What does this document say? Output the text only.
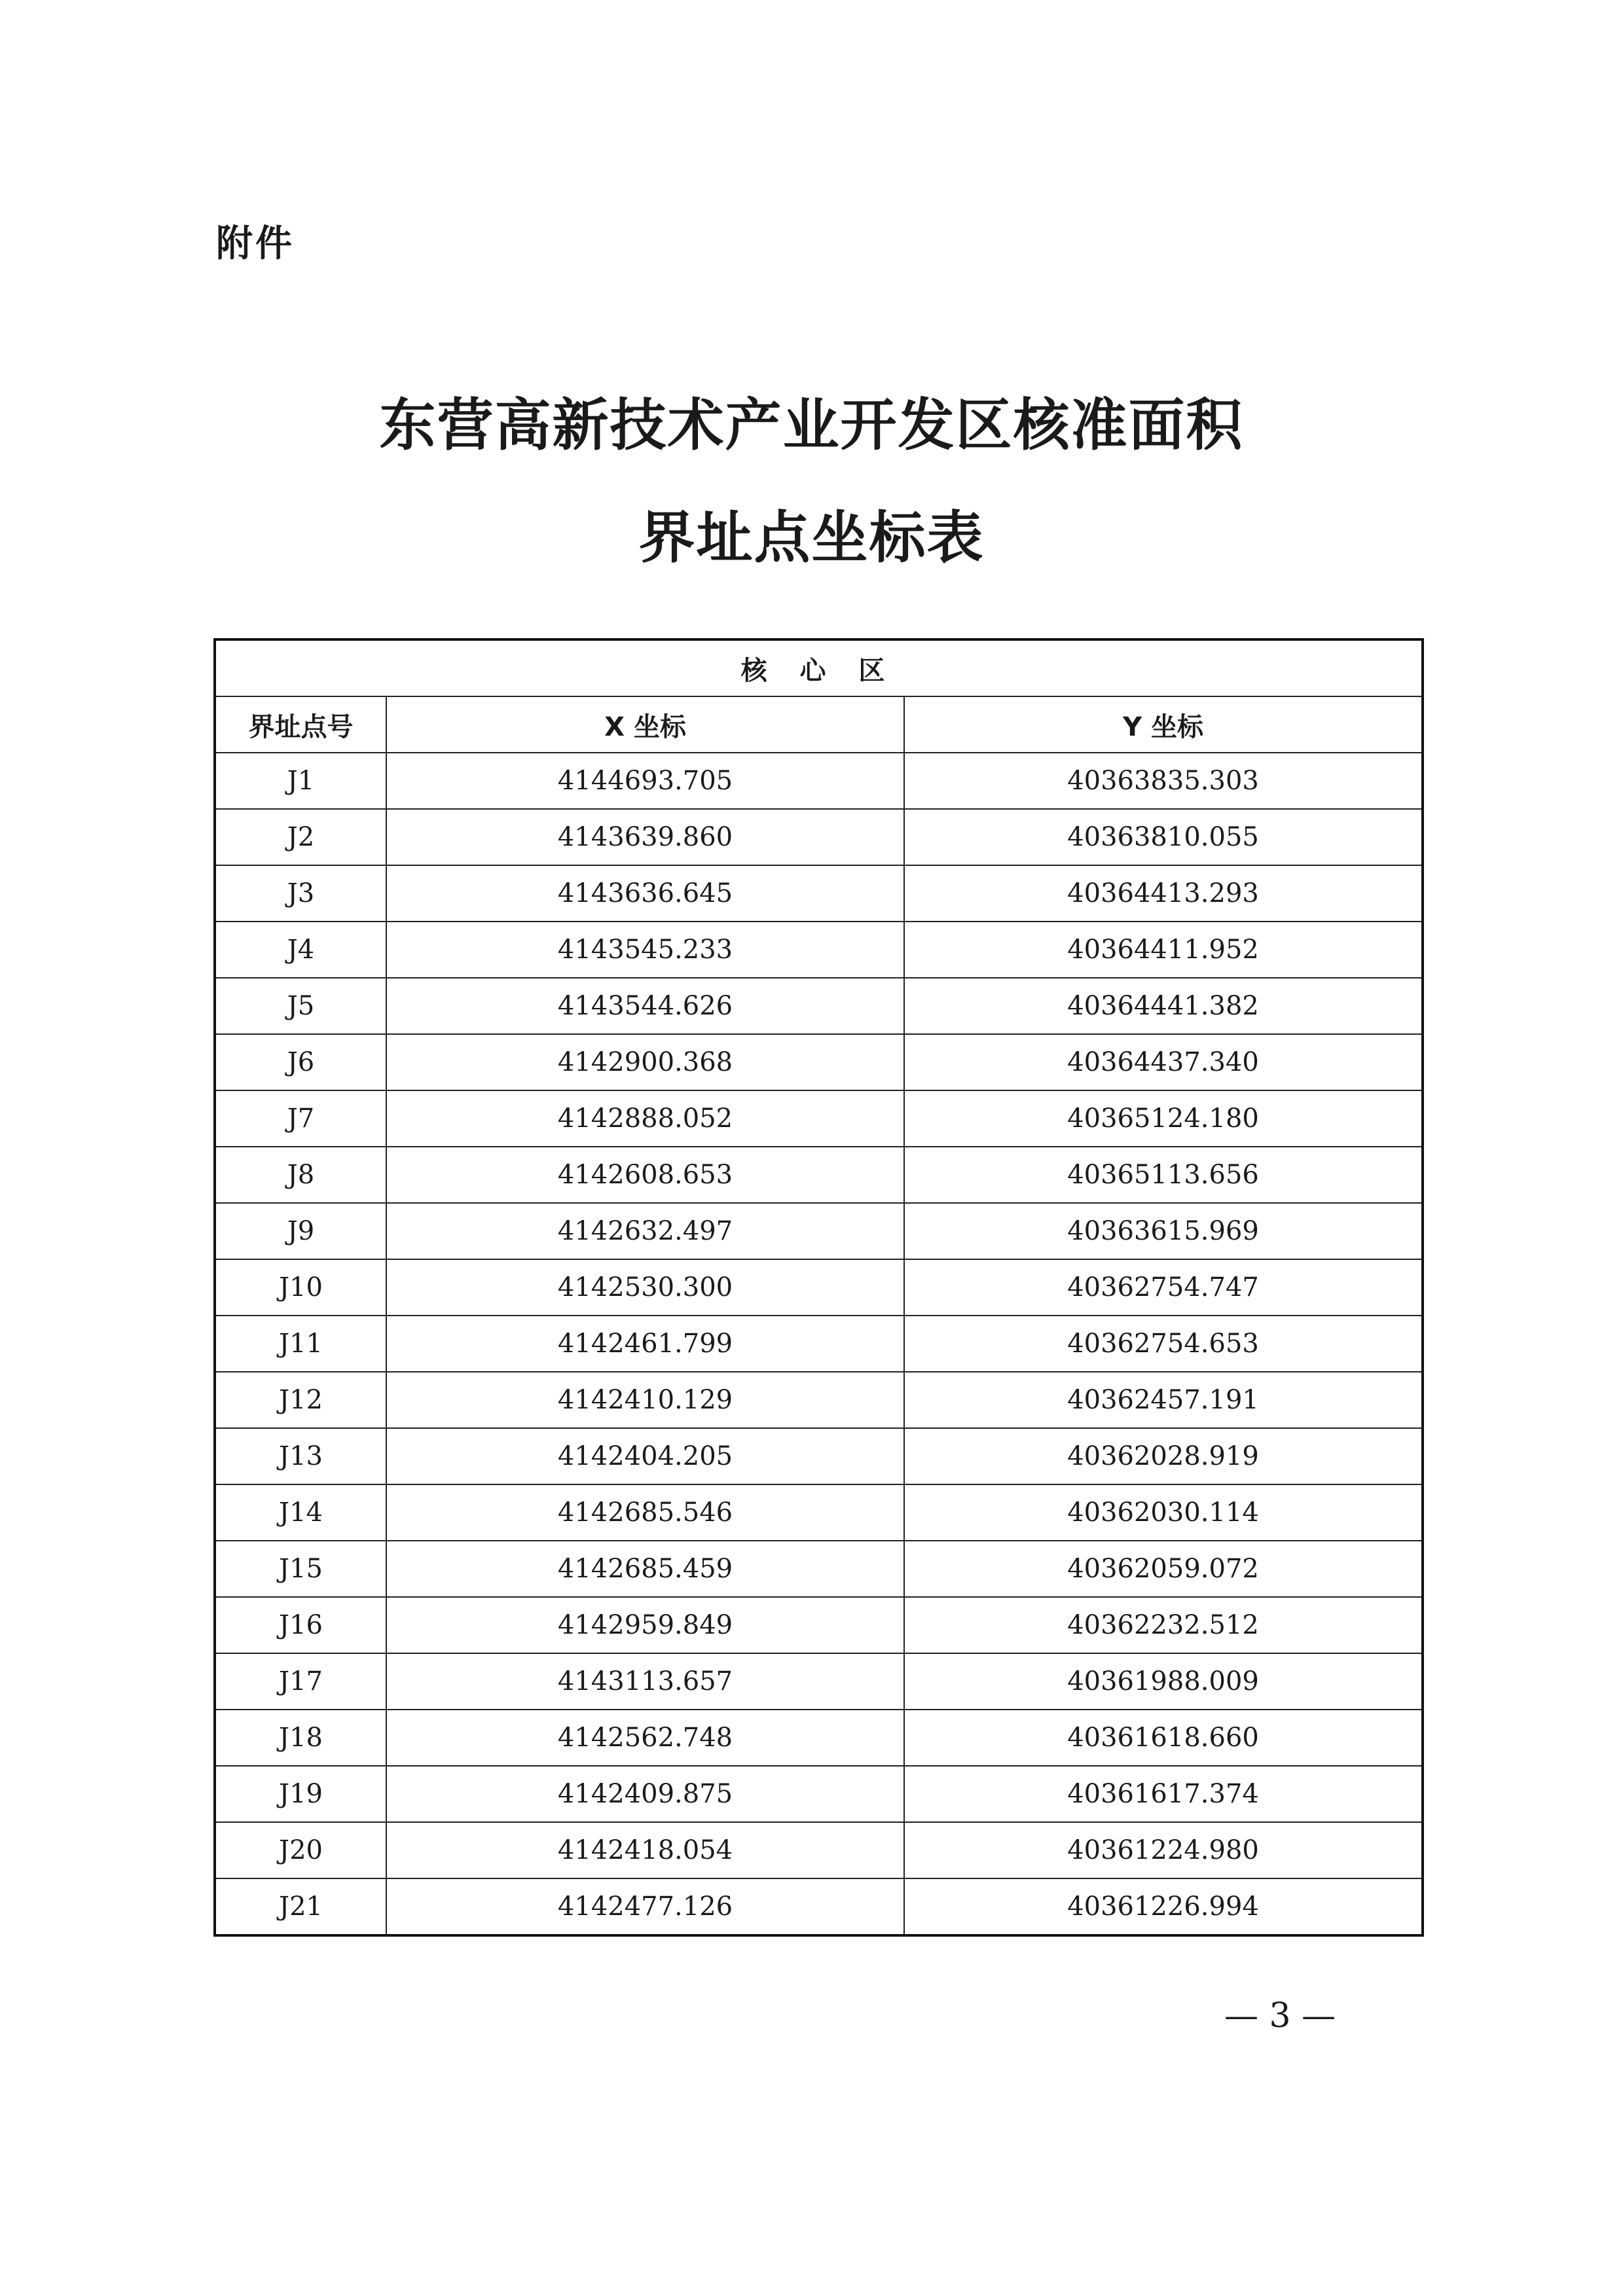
附件
东营高新技术产业开发区核准面积
界址点坐标表
核 心 区		
界址点号	X 坐标	Y 坐标
J1	4144693.705	40363835.303
J2	4143639.860	40363810.055
J3	4143636.645	40364413.293
J4	4143545.233	40364411.952
J5	4143544.626	40364441.382
J6	4142900.368	40364437.340
J7	4142888.052	40365124.180
J8	4142608.653	40365113.656
J9	4142632.497	40363615.969
J10	4142530.300	40362754.747
J11	4142461.799	40362754.653
J12	4142410.129	40362457.191
J13	4142404.205	40362028.919
J14	4142685.546	40362030.114
J15	4142685.459	40362059.072
J16	4142959.849	40362232.512
J17	4143113.657	40361988.009
J18	4142562.748	40361618.660
J19	4142409.875	40361617.374
J20	4142418.054	40361224.980
J21	4142477.126	40361226.994
— 3 —
